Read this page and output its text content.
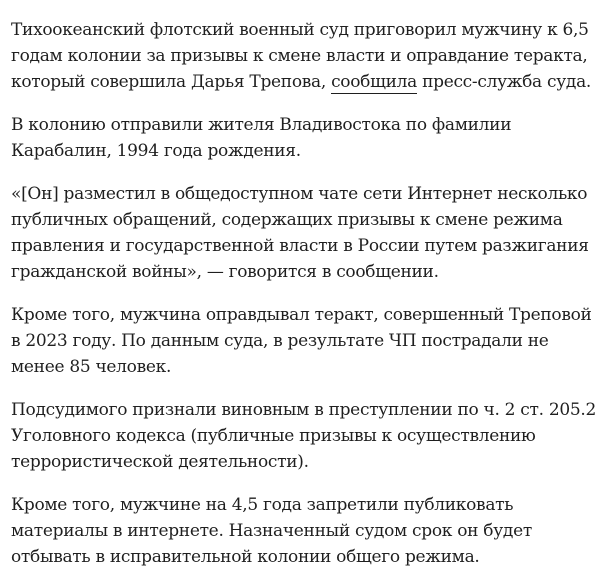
Тихоокеанский флотский военный суд приговорил мужчину к 6,5 годам колонии за призывы к смене власти и оправдание теракта, который совершила Дарья Трепова, сообщила пресс-служба суда.

В колонию отправили жителя Владивостока по фамилии Карабалин, 1994 года рождения.

«[Он] разместил в общедоступном чате сети Интернет несколько публичных обращений, содержащих призывы к смене режима правления и государственной власти в России путем разжигания гражданской войны», — говорится в сообщении.

Кроме того, мужчина оправдывал теракт, совершенный Треповой в 2023 году. По данным суда, в результате ЧП пострадали не менее 85 человек.

Подсудимого признали виновным в преступлении по ч. 2 ст. 205.2 Уголовного кодекса (публичные призывы к осуществлению террористической деятельности).

Кроме того, мужчине на 4,5 года запретили публиковать материалы в интернете. Назначенный судом срок он будет отбывать в исправительной колонии общего режима.
